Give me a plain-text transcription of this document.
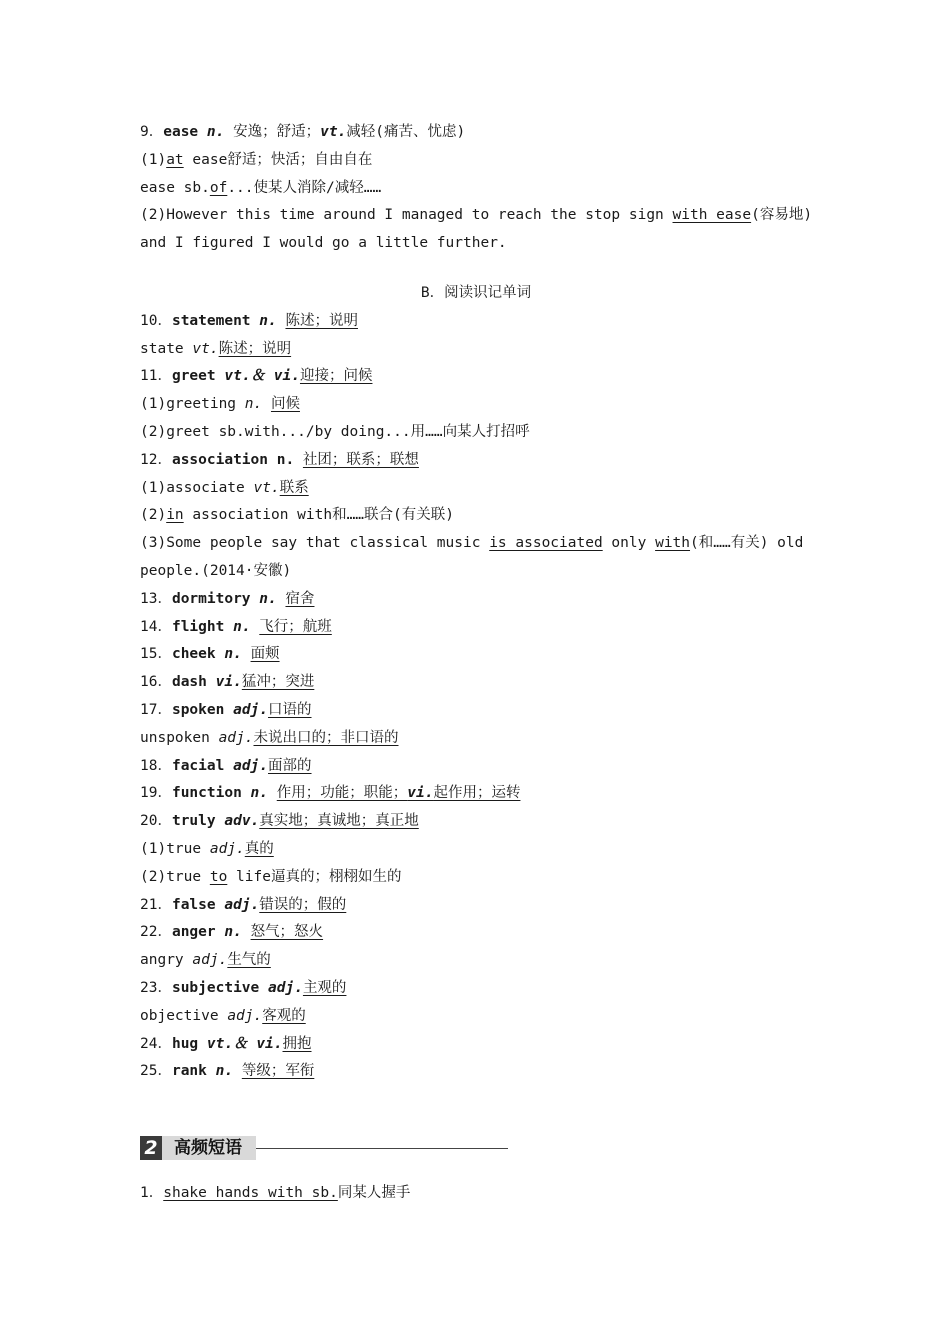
9．ease n. 安逸；舒适；vt.减轻(痛苦、忧虑)
(1)at ease舒适；快活；自由自在
ease sb.of...使某人消除/减轻……
(2)However this time around I managed to reach the stop sign with ease(容易地)
and I figured I would go a little further.
B．阅读识记单词
10．statement n. 陈述；说明
state vt.陈述；说明
11．greet vt.＆ vi.迎接；问候
(1)greeting n. 问候
(2)greet sb.with.../by doing...用……向某人打招呼
12．association n. 社团；联系；联想
(1)associate vt.联系
(2)in association with和……联合(有关联)
(3)Some people say that classical music is associated only with(和……有关) old
people.(2014·安徽)
13．dormitory n. 宿舍
14．flight n. 飞行；航班
15．cheek n. 面颊
16．dash vi.猛冲；突进
17．spoken adj.口语的
unspoken adj.未说出口的；非口语的
18．facial adj.面部的
19．function n. 作用；功能；职能；vi.起作用；运转
20．truly adv.真实地；真诚地；真正地
(1)true adj.真的
(2)true to life逼真的；栩栩如生的
21．false adj.错误的；假的
22．anger n. 怒气；怒火
angry adj.生气的
23．subjective adj.主观的
objective adj.客观的
24．hug vt.＆ vi.拥抱
25．rank n. 等级；军衔
2 高频短语
1．shake hands with sb.同某人握手
